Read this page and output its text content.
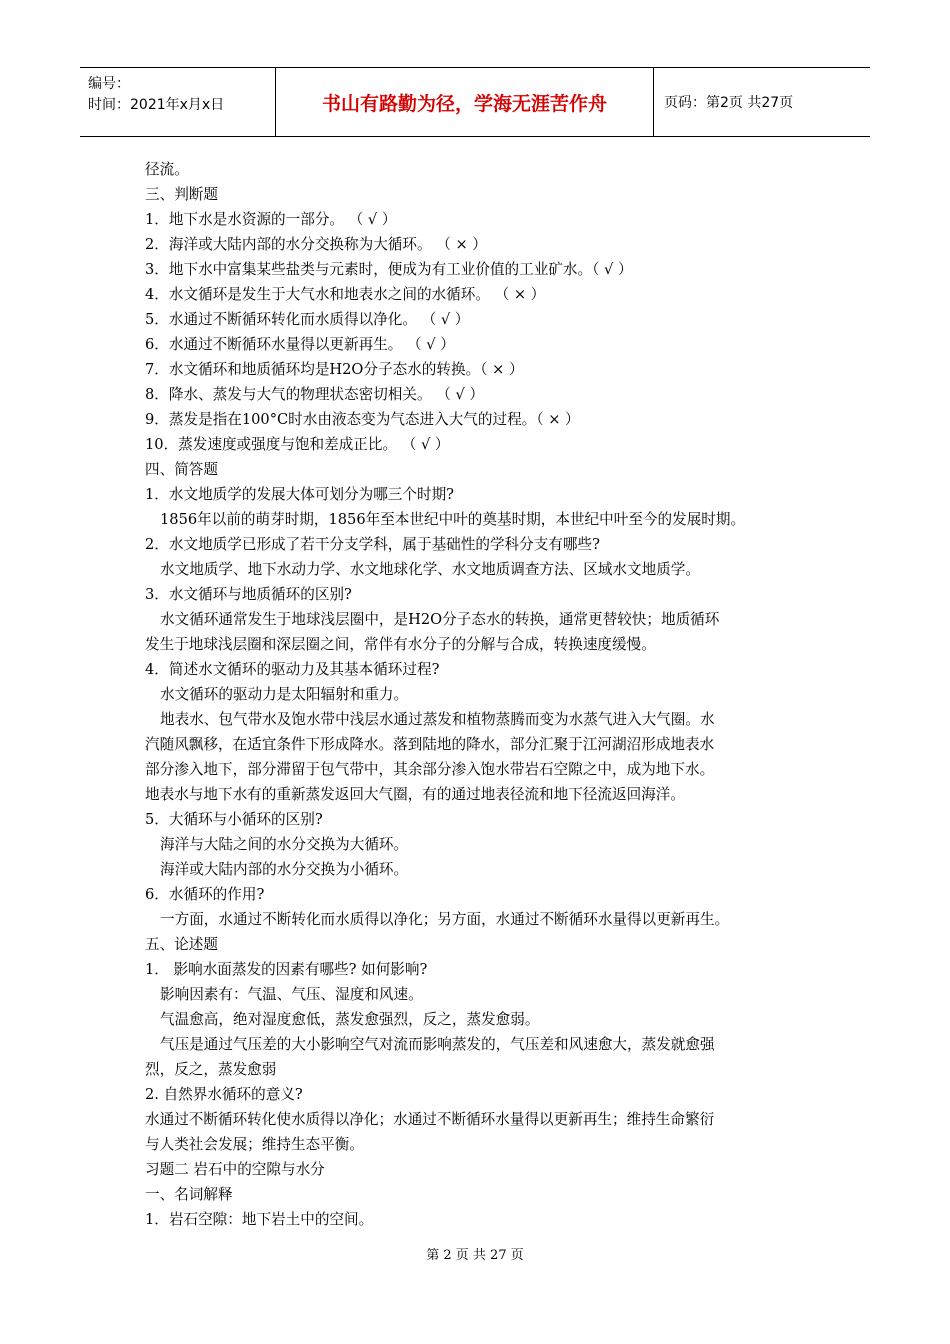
编号：
时间：2021年x月x日	书山有路勤为径，学海无涯苦作舟	页码：第2页 共27页
径流。
三、判断题
1．地下水是水资源的一部分。 （ √ ）
2．海洋或大陆内部的水分交换称为大循环。 （ × ）
3．地下水中富集某些盐类与元素时，便成为有工业价值的工业矿水。（ √ ）
4．水文循环是发生于大气水和地表水之间的水循环。 （ × ）
5．水通过不断循环转化而水质得以净化。 （ √ ）
6．水通过不断循环水量得以更新再生。 （ √ ）
7．水文循环和地质循环均是H2O分子态水的转换。（ × ）
8．降水、蒸发与大气的物理状态密切相关。 （ √ ）
9．蒸发是指在100°C时水由液态变为气态进入大气的过程。（ × ）
10．蒸发速度或强度与饱和差成正比。 （ √ ）
四、简答题
1．水文地质学的发展大体可划分为哪三个时期?
1856年以前的萌芽时期，1856年至本世纪中叶的奠基时期，本世纪中叶至今的发展时期。
2．水文地质学已形成了若干分支学科，属于基础性的学科分支有哪些?
水文地质学、地下水动力学、水文地球化学、水文地质调查方法、区域水文地质学。
3．水文循环与地质循环的区别?
水文循环通常发生于地球浅层圈中，是H2O分子态水的转换，通常更替较快；地质循环
发生于地球浅层圈和深层圈之间，常伴有水分子的分解与合成，转换速度缓慢。
4．简述水文循环的驱动力及其基本循环过程?
水文循环的驱动力是太阳辐射和重力。
地表水、包气带水及饱水带中浅层水通过蒸发和植物蒸腾而变为水蒸气进入大气圈。水
汽随风飘移，在适宜条件下形成降水。落到陆地的降水，部分汇聚于江河湖沼形成地表水
部分渗入地下，部分滞留于包气带中，其余部分渗入饱水带岩石空隙之中，成为地下水。
地表水与地下水有的重新蒸发返回大气圈，有的通过地表径流和地下径流返回海洋。
5．大循环与小循环的区别?
海洋与大陆之间的水分交换为大循环。
海洋或大陆内部的水分交换为小循环。
6．水循环的作用?
一方面，水通过不断转化而水质得以净化；另方面，水通过不断循环水量得以更新再生。
五、论述题
1． 影响水面蒸发的因素有哪些? 如何影响?
影响因素有：气温、气压、湿度和风速。
气温愈高，绝对湿度愈低，蒸发愈强烈，反之，蒸发愈弱。
气压是通过气压差的大小影响空气对流而影响蒸发的，气压差和风速愈大，蒸发就愈强
烈，反之，蒸发愈弱
2. 自然界水循环的意义?
水通过不断循环转化使水质得以净化；水通过不断循环水量得以更新再生；维持生命繁衍
与人类社会发展；维持生态平衡。
习题二 岩石中的空隙与水分
一、名词解释
1．岩石空隙：地下岩土中的空间。
第 2 页 共 27 页
